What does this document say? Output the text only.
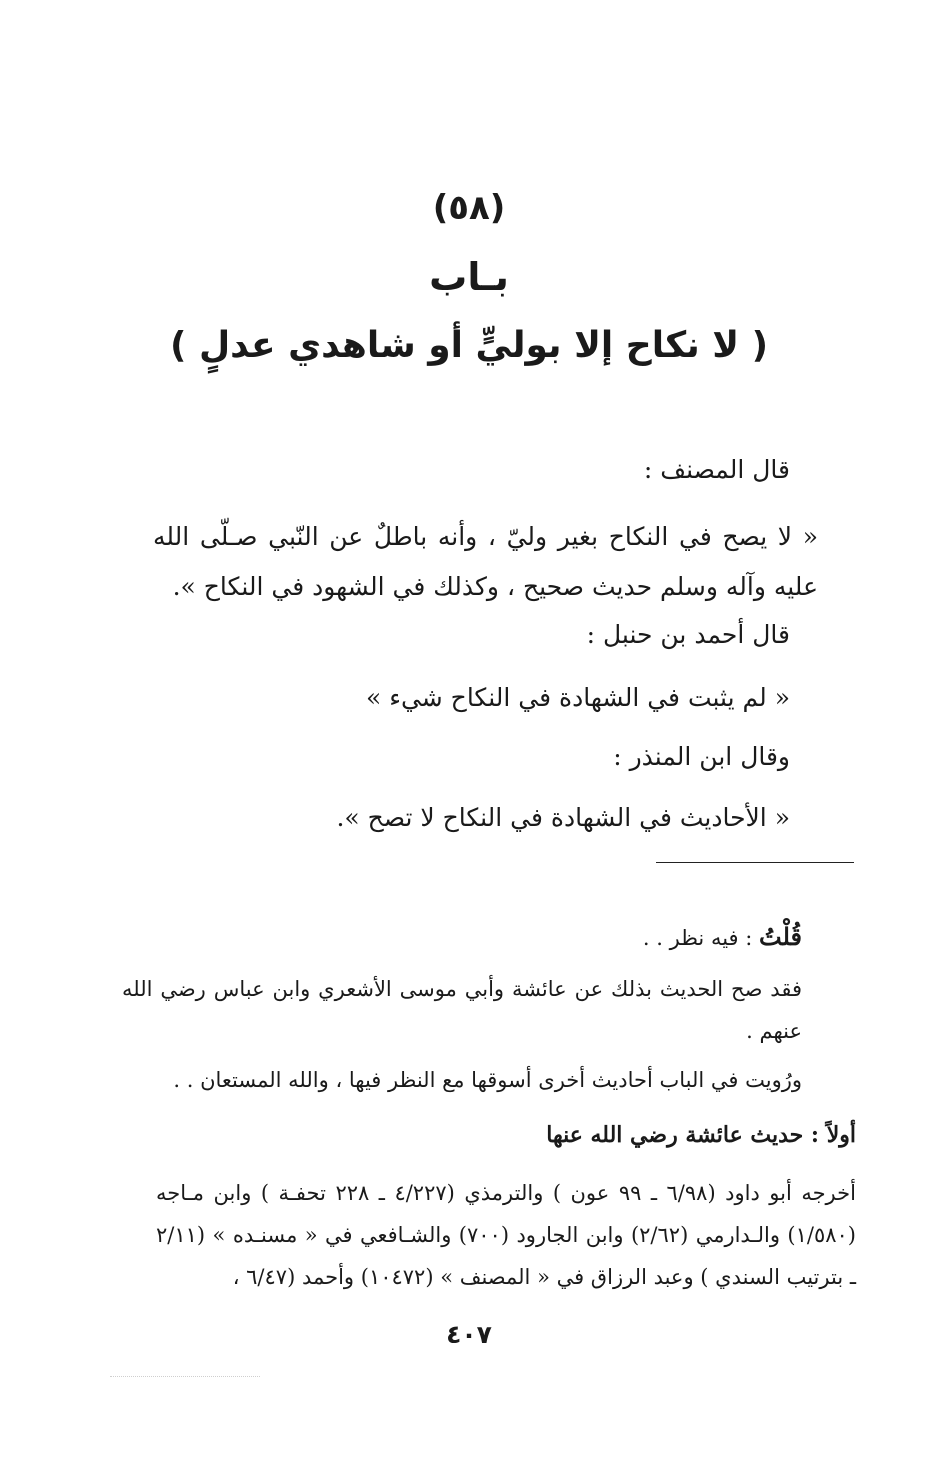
(٥٨)
بـاب
( لا نكاح إلا بوليٍّ أو شاهدي عدلٍ )
قال المصنف :
« لا يصح في النكاح بغير وليّ ، وأنه باطلٌ عن النّبي صـلّى الله عليه وآله وسلم حديث صحيح ، وكذلك في الشهود في النكاح ».
قال أحمد بن حنبل :
« لم يثبت في الشهادة في النكاح شيء »
وقال ابن المنذر :
« الأحاديث في الشهادة في النكاح لا تصح ».
قُلْتُ : فيه نظر . .
فقد صح الحديث بذلك عن عائشة وأبي موسى الأشعري وابن عباس رضي الله عنهم .
ورُويت في الباب أحاديث أخرى أسوقها مع النظر فيها ، والله المستعان . .
أولاً : حديث عائشة رضي الله عنها
أخرجه أبو داود (٦/٩٨ ـ ٩٩ عون ) والترمذي (٤/٢٢٧ ـ ٢٢٨ تحفـة ) وابن مـاجه (١/٥٨٠) والـدارمي (٢/٦٢) وابن الجارود (٧٠٠) والشـافعي في « مسنـده » (٢/١١ ـ بترتيب السندي ) وعبد الرزاق في « المصنف » (١٠٤٧٢) وأحمد (٦/٤٧ ،
٤٠٧
